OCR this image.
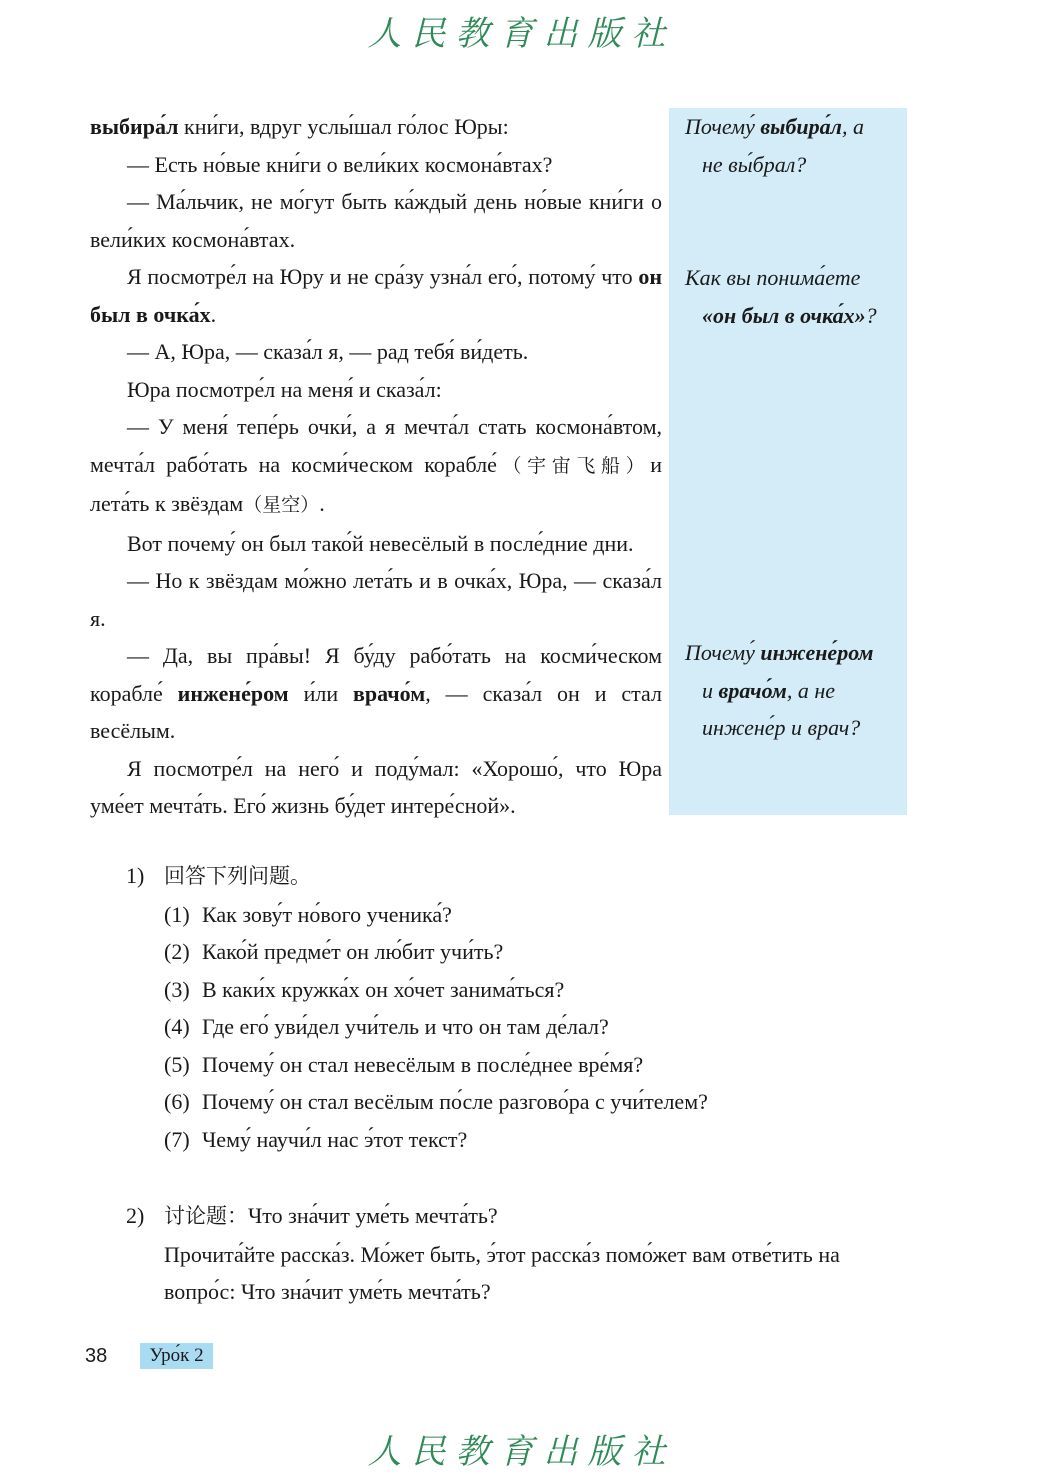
人民教育出版社
Почему́ выбира́л, а
не вы́брал?
Как вы понима́ете
«он был в очка́х»?
Почему́ инжене́ром
и врачо́м, а не
инжене́р и врач?

выбира́л кни́ги, вдруг услы́шал го́лос Юры:

— Есть но́вые кни́ги о вели́ких космона́втах?

— Ма́льчик, не мо́гут быть ка́ждый день но́вые кни́ги о вели́ких космона́втах.

Я посмотре́л на Юру и не сра́зу узна́л его́, потому́ что он был в очка́х.

— А, Юра, — сказа́л я, — рад тебя́ ви́деть.

Юра посмотре́л на меня́ и сказа́л:

— У меня́ тепе́рь очки́, а я мечта́л стать космона́втом, мечта́л рабо́тать на косми́ческом корабле́（宇宙飞船）и лета́ть к звёздам（星空）.

Вот почему́ он был тако́й невесёлый в после́дние дни.

— Но к звёздам мо́жно лета́ть и в очка́х, Юра, — сказа́л я.

— Да, вы пра́вы! Я бу́ду рабо́тать на косми́ческом корабле́ инжене́ром и́ли врачо́м, — сказа́л он и стал весёлым.

Я посмотре́л на него́ и поду́мал: «Хорошо́, что Юра уме́ет мечта́ть. Его́ жизнь бу́дет интере́сной».

1) 回答下列问题。
(1) Как зову́т но́вого ученика́?
(2) Како́й предме́т он лю́бит учи́ть?
(3) В каки́х кружка́х он хо́чет занима́ться?
(4) Где его́ уви́дел учи́тель и что он там де́лал?
(5) Почему́ он стал невесёлым в после́днее вре́мя?
(6) Почему́ он стал весёлым по́сле разгово́ра с учи́телем?
(7) Чему́ научи́л нас э́тот текст?
2) 讨论题：Что зна́чит уме́ть мечта́ть?
Прочита́йте расска́з. Мо́жет быть, э́тот расска́з помо́жет вам отве́тить на вопро́с: Что зна́чит уме́ть мечта́ть?
38	Уро́к 2
人民教育出版社
